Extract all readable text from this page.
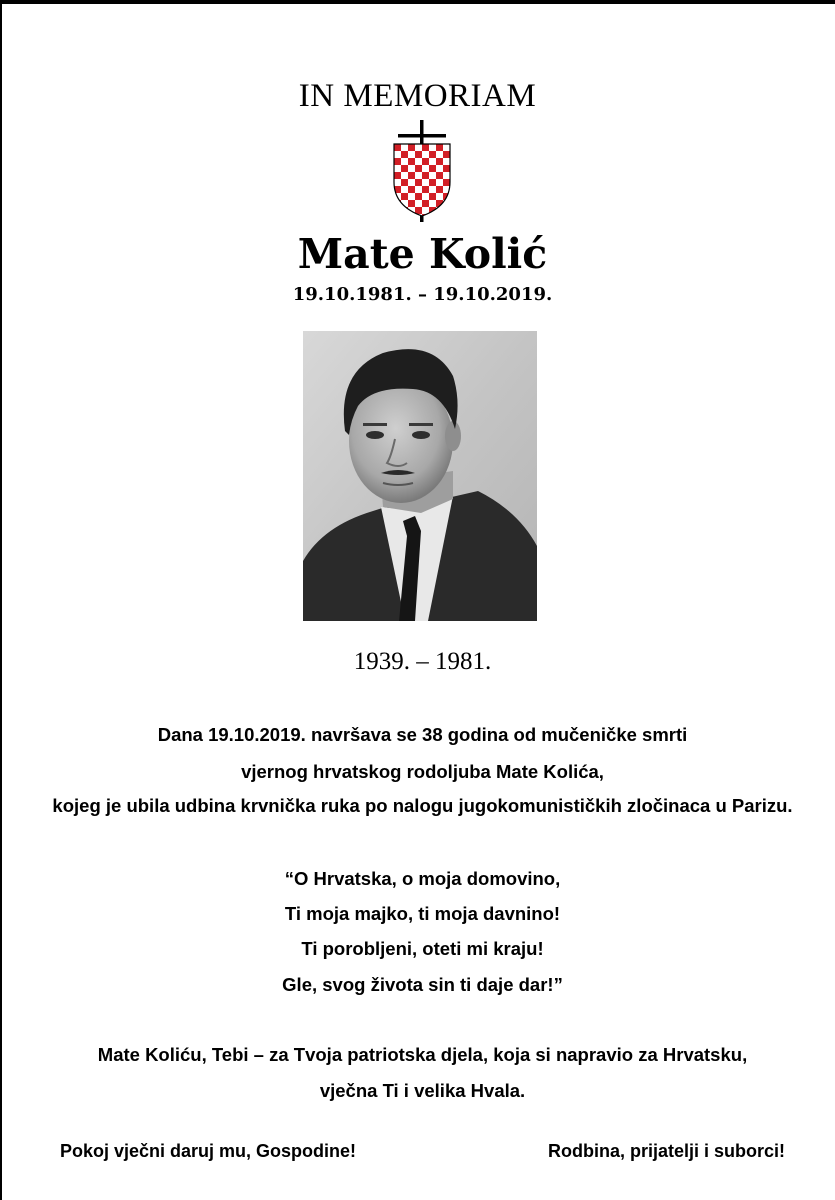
IN MEMORIAM
Mate Kolić
19.10.1981. – 19.10.2019.
1939. – 1981.
Dana 19.10.2019. navršava se 38 godina od mučeničke smrti
vjernog hrvatskog rodoljuba Mate Kolića,
kojeg je ubila udbina krvnička ruka po nalogu jugokomunističkih zločinaca u Parizu.
“O Hrvatska, o moja domovino,
Ti moja majko, ti moja davnino!
Ti porobljeni, oteti mi kraju!
Gle, svog života sin ti daje dar!”
Mate Koliću, Tebi – za Tvoja patriotska djela, koja si napravio za Hrvatsku,
vječna Ti i velika Hvala.
Pokoj vječni daruj mu, Gospodine!	Rodbina, prijatelji i suborci!
